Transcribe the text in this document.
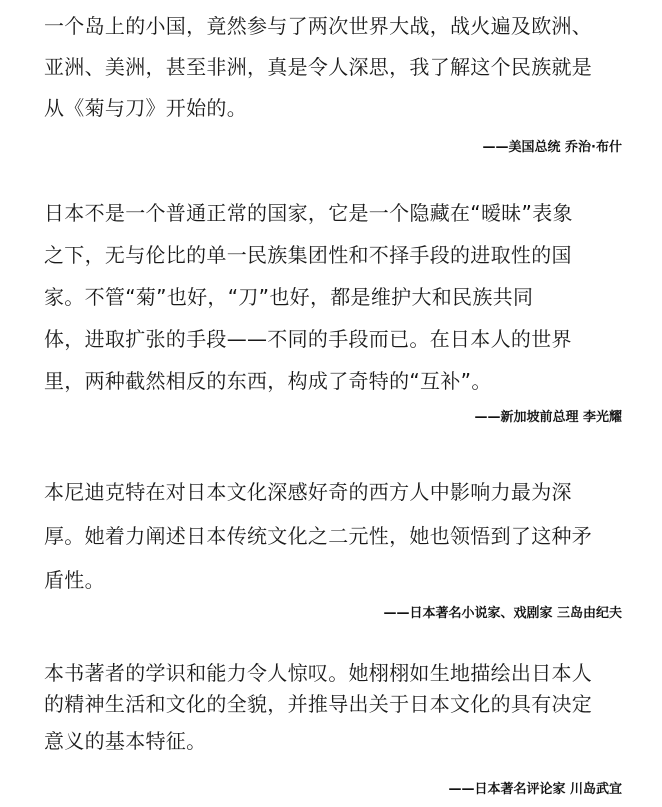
一个岛上的小国，竟然参与了两次世界大战，战火遍及欧洲、

亚洲、美洲，甚至非洲，真是令人深思，我了解这个民族就是

从《菊与刀》开始的。

——美国总统 乔治·布什

日本不是一个普通正常的国家，它是一个隐藏在“暧昧”表象

之下，无与伦比的单一民族集团性和不择手段的进取性的国

家。不管“菊”也好，“刀”也好，都是维护大和民族共同

体，进取扩张的手段——不同的手段而已。在日本人的世界

里，两种截然相反的东西，构成了奇特的“互补”。

——新加坡前总理 李光耀

本尼迪克特在对日本文化深感好奇的西方人中影响力最为深

厚。她着力阐述日本传统文化之二元性，她也领悟到了这种矛

盾性。

——日本著名小说家、戏剧家 三岛由纪夫

本书著者的学识和能力令人惊叹。她栩栩如生地描绘出日本人

的精神生活和文化的全貌，并推导出关于日本文化的具有决定

意义的基本特征。

——日本著名评论家 川岛武宜
